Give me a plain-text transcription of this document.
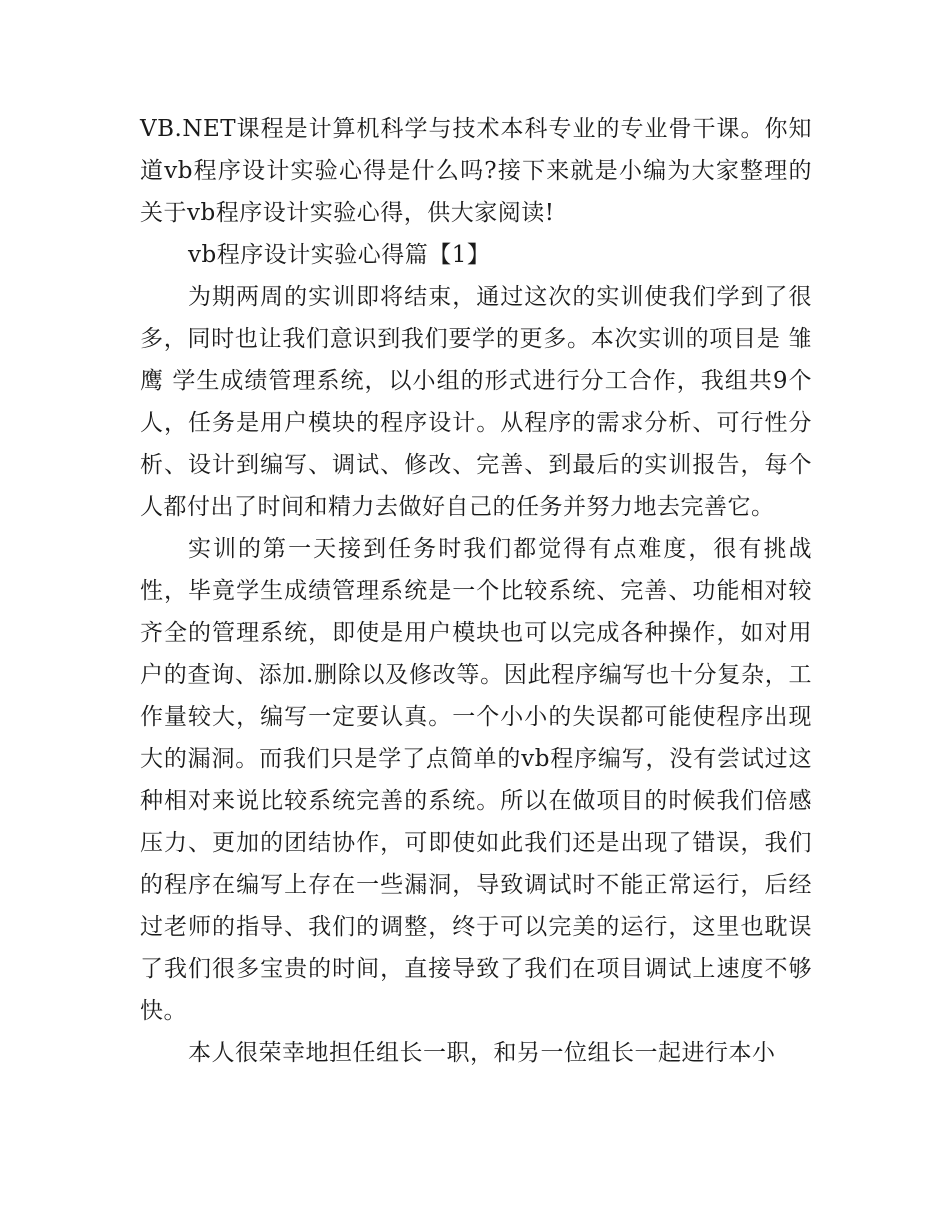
VB.NET课程是计算机科学与技术本科专业的专业骨干课。你知道vb程序设计实验心得是什么吗?接下来就是小编为大家整理的关于vb程序设计实验心得，供大家阅读!

vb程序设计实验心得篇【1】

为期两周的实训即将结束，通过这次的实训使我们学到了很多，同时也让我们意识到我们要学的更多。本次实训的项目是 雏鹰 学生成绩管理系统，以小组的形式进行分工合作，我组共9个人，任务是用户模块的程序设计。从程序的需求分析、可行性分析、设计到编写、调试、修改、完善、到最后的实训报告，每个人都付出了时间和精力去做好自己的任务并努力地去完善它。

实训的第一天接到任务时我们都觉得有点难度，很有挑战性，毕竟学生成绩管理系统是一个比较系统、完善、功能相对较齐全的管理系统，即使是用户模块也可以完成各种操作，如对用户的查询、添加.删除以及修改等。因此程序编写也十分复杂，工作量较大，编写一定要认真。一个小小的失误都可能使程序出现大的漏洞。而我们只是学了点简单的vb程序编写，没有尝试过这种相对来说比较系统完善的系统。所以在做项目的时候我们倍感压力、更加的团结协作，可即使如此我们还是出现了错误，我们的程序在编写上存在一些漏洞，导致调试时不能正常运行，后经过老师的指导、我们的调整，终于可以完美的运行，这里也耽误了我们很多宝贵的时间，直接导致了我们在项目调试上速度不够快。

本人很荣幸地担任组长一职，和另一位组长一起进行本小
